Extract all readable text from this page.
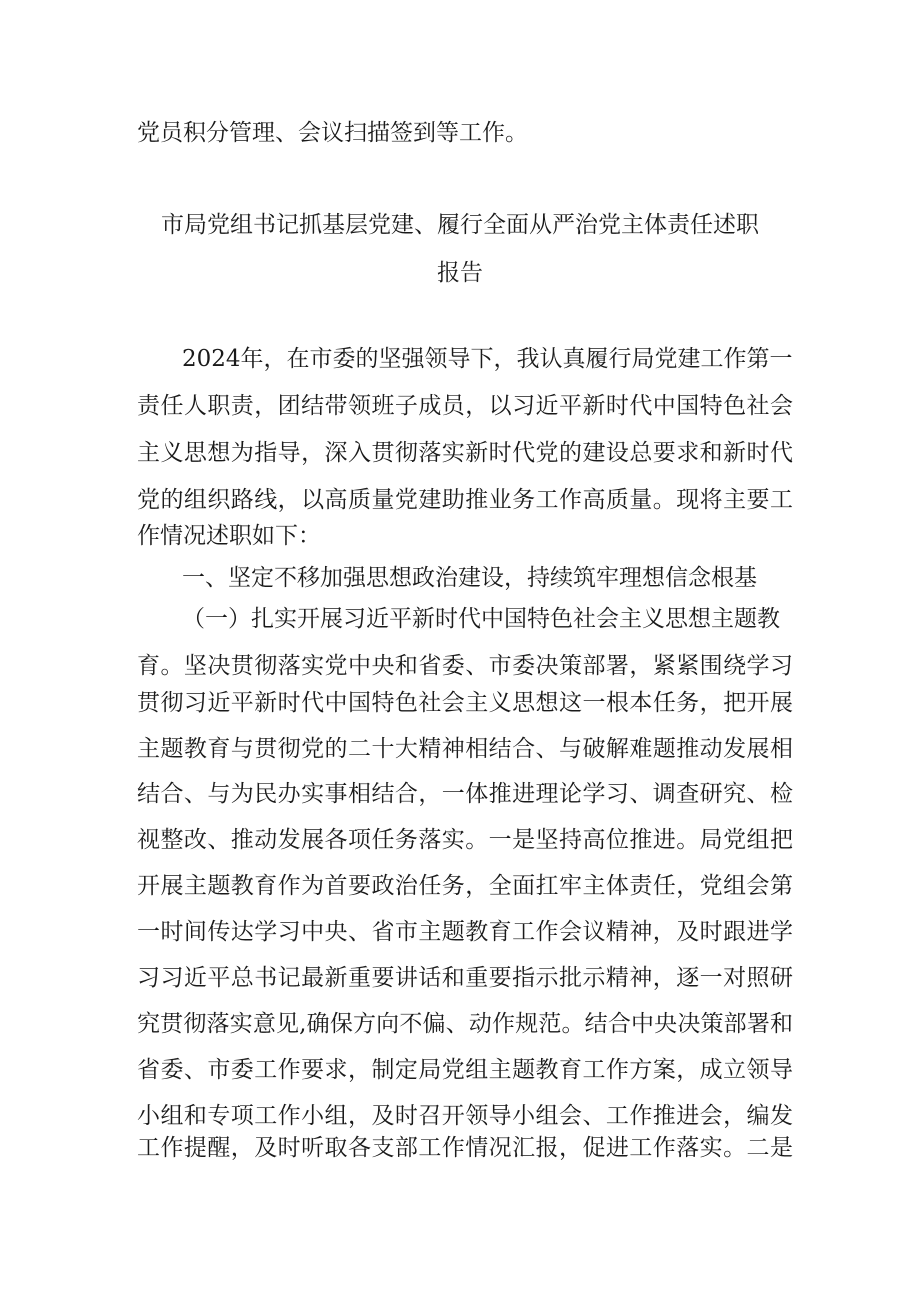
党员积分管理、会议扫描签到等工作。
市局党组书记抓基层党建、履行全面从严治党主体责任述职
报告
2024年，在市委的坚强领导下，我认真履行局党建工作第一
责任人职责，团结带领班子成员，以习近平新时代中国特色社会
主义思想为指导，深入贯彻落实新时代党的建设总要求和新时代
党的组织路线，以高质量党建助推业务工作高质量。现将主要工
作情况述职如下：
一、坚定不移加强思想政治建设，持续筑牢理想信念根基
（一）扎实开展习近平新时代中国特色社会主义思想主题教
育。坚决贯彻落实党中央和省委、市委决策部署，紧紧围绕学习
贯彻习近平新时代中国特色社会主义思想这一根本任务，把开展
主题教育与贯彻党的二十大精神相结合、与破解难题推动发展相
结合、与为民办实事相结合，一体推进理论学习、调查研究、检
视整改、推动发展各项任务落实。一是坚持高位推进。局党组把
开展主题教育作为首要政治任务，全面扛牢主体责任，党组会第
一时间传达学习中央、省市主题教育工作会议精神，及时跟进学
习习近平总书记最新重要讲话和重要指示批示精神，逐一对照研
究贯彻落实意见,确保方向不偏、动作规范。结合中央决策部署和
省委、市委工作要求，制定局党组主题教育工作方案，成立领导
小组和专项工作小组，及时召开领导小组会、工作推进会，编发
工作提醒，及时听取各支部工作情况汇报，促进工作落实。二是
